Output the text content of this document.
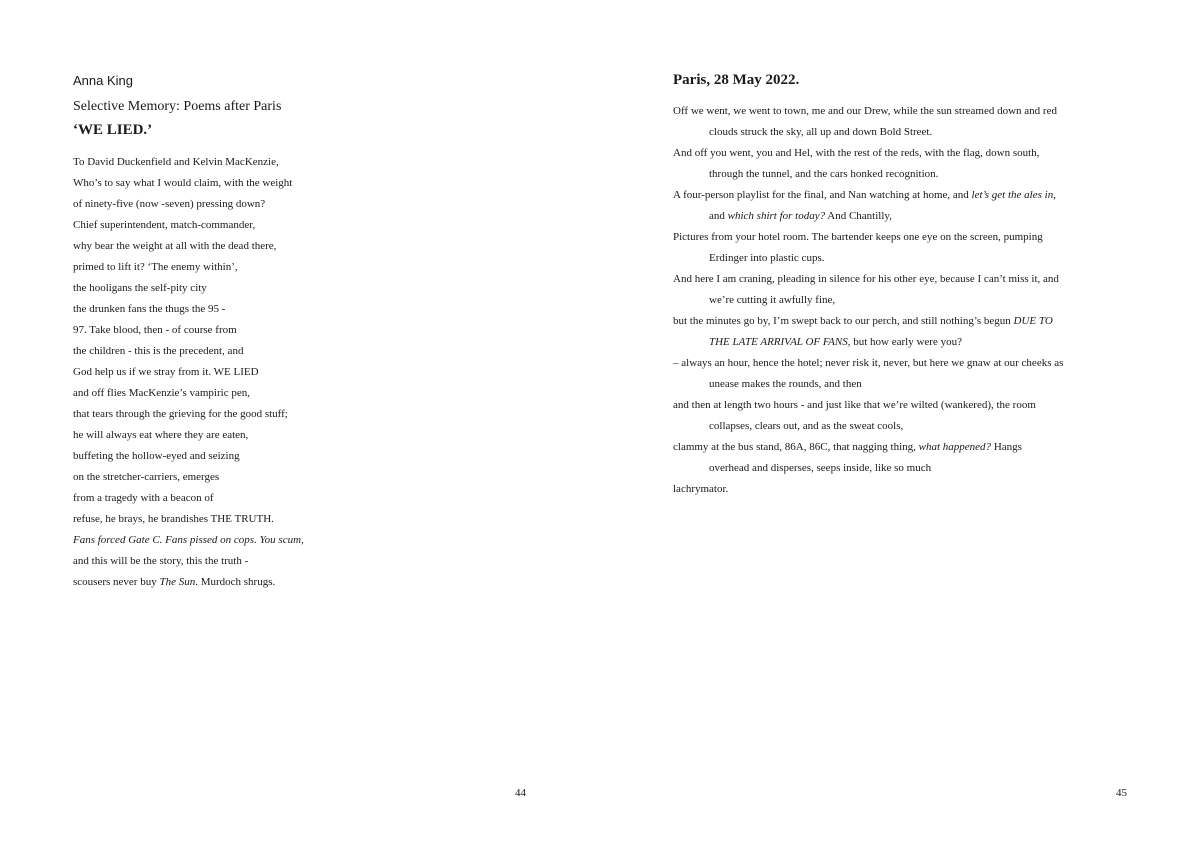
Anna King
Selective Memory: Poems after Paris
‘WE LIED.’
To David Duckenfield and Kelvin MacKenzie,
Who’s to say what I would claim, with the weight
of ninety-five (now -seven) pressing down?
Chief superintendent, match-commander,
why bear the weight at all with the dead there,
primed to lift it? ‘The enemy within’,
the hooligans the self-pity city
the drunken fans the thugs the 95 -
97. Take blood, then - of course from
the children - this is the precedent, and
God help us if we stray from it. WE LIED
and off flies MacKenzie’s vampiric pen,
that tears through the grieving for the good stuff;
he will always eat where they are eaten,
buffeting the hollow-eyed and seizing
on the stretcher-carriers, emerges
from a tragedy with a beacon of
refuse, he brays, he brandishes THE TRUTH.
Fans forced Gate C. Fans pissed on cops. You scum,
and this will be the story, this the truth -
scousers never buy The Sun. Murdoch shrugs.
44
Paris, 28 May 2022.
Off we went, we went to town, me and our Drew, while the sun streamed down and red
clouds struck the sky, all up and down Bold Street.
And off you went, you and Hel, with the rest of the reds, with the flag, down south,
through the tunnel, and the cars honked recognition.
A four-person playlist for the final, and Nan watching at home, and let’s get the ales in,
and which shirt for today? And Chantilly,
Pictures from your hotel room. The bartender keeps one eye on the screen, pumping
Erdinger into plastic cups.
And here I am craning, pleading in silence for his other eye, because I can’t miss it, and
we’re cutting it awfully fine,
but the minutes go by, I’m swept back to our perch, and still nothing’s begun DUE TO
THE LATE ARRIVAL OF FANS, but how early were you?
– always an hour, hence the hotel; never risk it, never, but here we gnaw at our cheeks as
unease makes the rounds, and then
and then at length two hours - and just like that we’re wilted (wankered), the room
collapses, clears out, and as the sweat cools,
clammy at the bus stand, 86A, 86C, that nagging thing, what happened? Hangs
overhead and disperses, seeps inside, like so much
lachrymator.
45
